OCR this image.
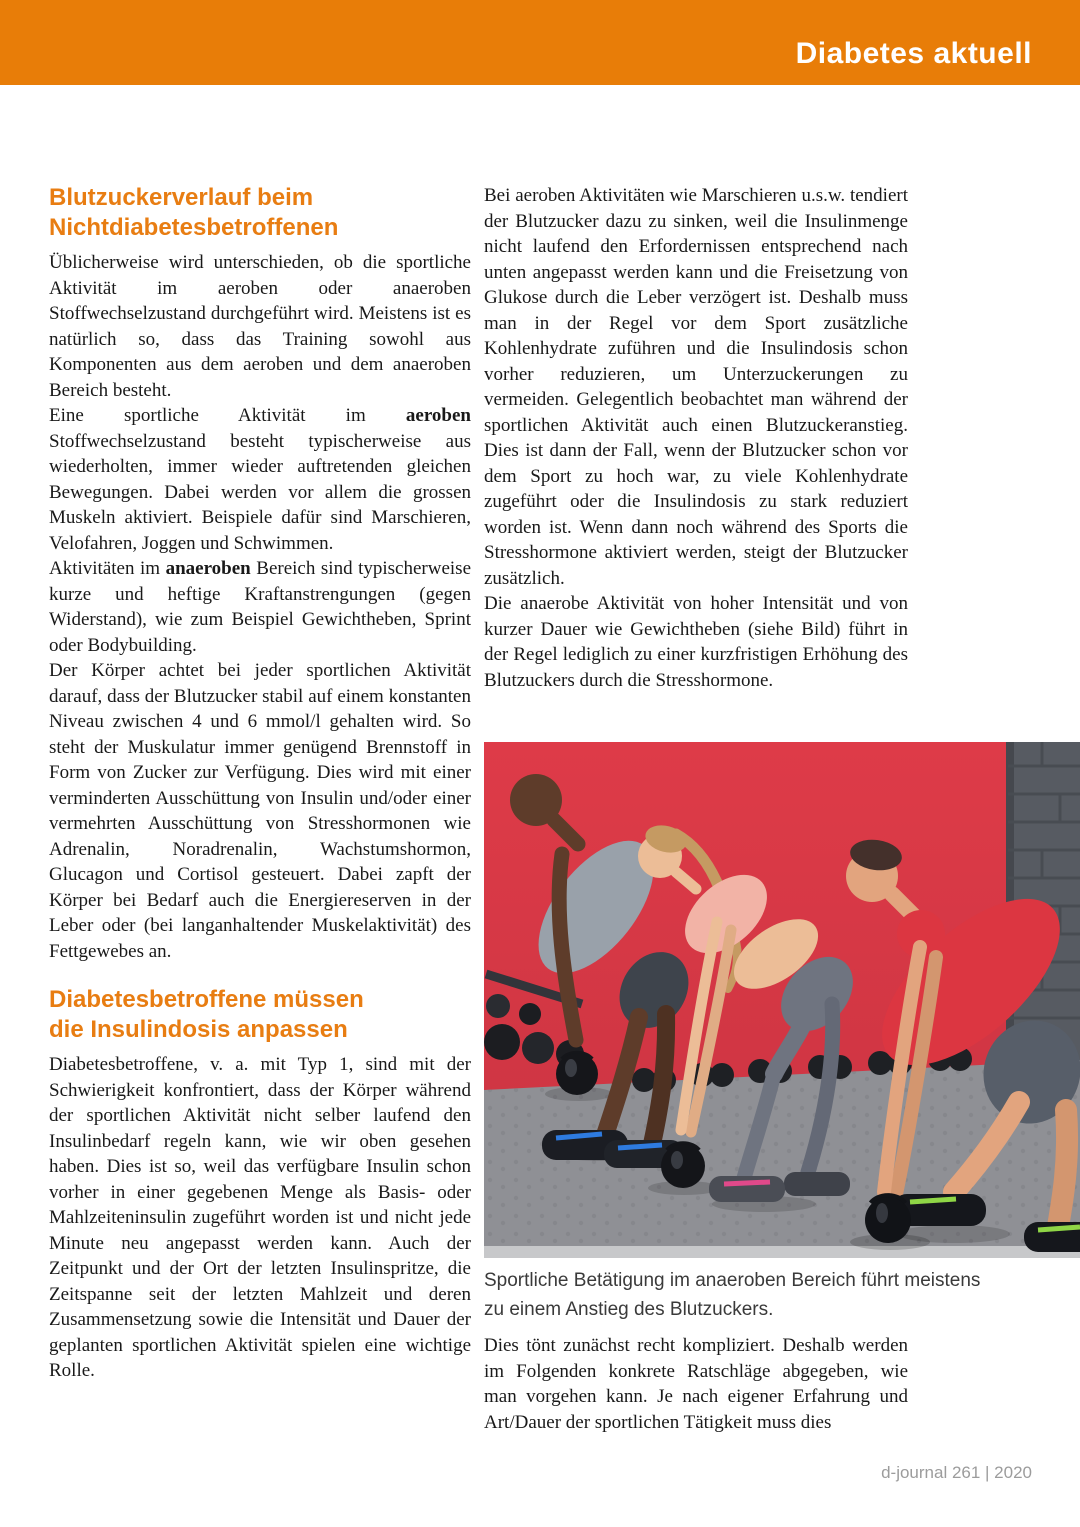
Diabetes aktuell
Blutzuckerverlauf beim
Nichtdiabetesbetroffenen

Üblicherweise wird unterschieden, ob die sportliche Aktivität im aeroben oder anaeroben Stoffwechselzustand durchgeführt wird. Meistens ist es natürlich so, dass das Training sowohl aus Komponenten aus dem aeroben und dem anaeroben Bereich besteht.

Eine sportliche Aktivität im aeroben Stoffwechselzustand besteht typischerweise aus wiederholten, immer wieder auftretenden gleichen Bewegungen. Dabei werden vor allem die grossen Muskeln aktiviert. Beispiele dafür sind Marschieren, Velofahren, Joggen und Schwimmen.

Aktivitäten im anaeroben Bereich sind typischerweise kurze und heftige Kraftanstrengungen (gegen Widerstand), wie zum Beispiel Gewichtheben, Sprint oder Bodybuilding.

Der Körper achtet bei jeder sportlichen Aktivität darauf, dass der Blutzucker stabil auf einem konstanten Niveau zwischen 4 und 6 mmol/l gehalten wird. So steht der Muskulatur immer genügend Brennstoff in Form von Zucker zur Verfügung. Dies wird mit einer verminderten Ausschüttung von Insulin und/oder einer vermehrten Ausschüttung von Stresshormonen wie Adrenalin, Noradrenalin, Wachstumshormon, Glucagon und Cortisol gesteuert. Dabei zapft der Körper bei Bedarf auch die Energiereserven in der Leber oder (bei langanhaltender Muskelaktivität) des Fettgewebes an.

Diabetesbetroffene müssen
die Insulindosis anpassen

Diabetesbetroffene, v. a. mit Typ 1, sind mit der Schwierigkeit konfrontiert, dass der Körper während der sportlichen Aktivität nicht selber laufend den Insulinbedarf regeln kann, wie wir oben gesehen haben. Dies ist so, weil das verfügbare Insulin schon vorher in einer gegebenen Menge als Basis- oder Mahlzeiteninsulin zugeführt worden ist und nicht jede Minute neu angepasst werden kann. Auch der Zeitpunkt und der Ort der letzten Insulinspritze, die Zeitspanne seit der letzten Mahlzeit und deren Zusammensetzung sowie die Intensität und Dauer der geplanten sportlichen Aktivität spielen eine wichtige Rolle.

Bei aeroben Aktivitäten wie Marschieren u.s.w. tendiert der Blutzucker dazu zu sinken, weil die Insulinmenge nicht laufend den Erfordernissen entsprechend nach unten angepasst werden kann und die Freisetzung von Glukose durch die Leber verzögert ist. Deshalb muss man in der Regel vor dem Sport zusätzliche Kohlenhydrate zuführen und die Insulindosis schon vorher reduzieren, um Unterzuckerungen zu vermeiden. Gelegentlich beobachtet man während der sportlichen Aktivität auch einen Blutzuckeranstieg. Dies ist dann der Fall, wenn der Blutzucker schon vor dem Sport zu hoch war, zu viele Kohlenhydrate zugeführt oder die Insulindosis zu stark reduziert worden ist. Wenn dann noch während des Sports die Stresshormone aktiviert werden, steigt der Blutzucker zusätzlich.

Die anaerobe Aktivität von hoher Intensität und von kurzer Dauer wie Gewichtheben (siehe Bild) führt in der Regel lediglich zu einer kurzfristigen Erhöhung des Blutzuckers durch die Stresshormone.

Sportliche Betätigung im anaeroben Bereich führt meistens zu einem Anstieg des Blutzuckers.
Dies tönt zunächst recht kompliziert. Deshalb werden im Folgenden konkrete Ratschläge abgegeben, wie man vorgehen kann. Je nach eigener Erfahrung und Art/Dauer der sportlichen Tätigkeit muss dies
d-journal 261 | 2020
